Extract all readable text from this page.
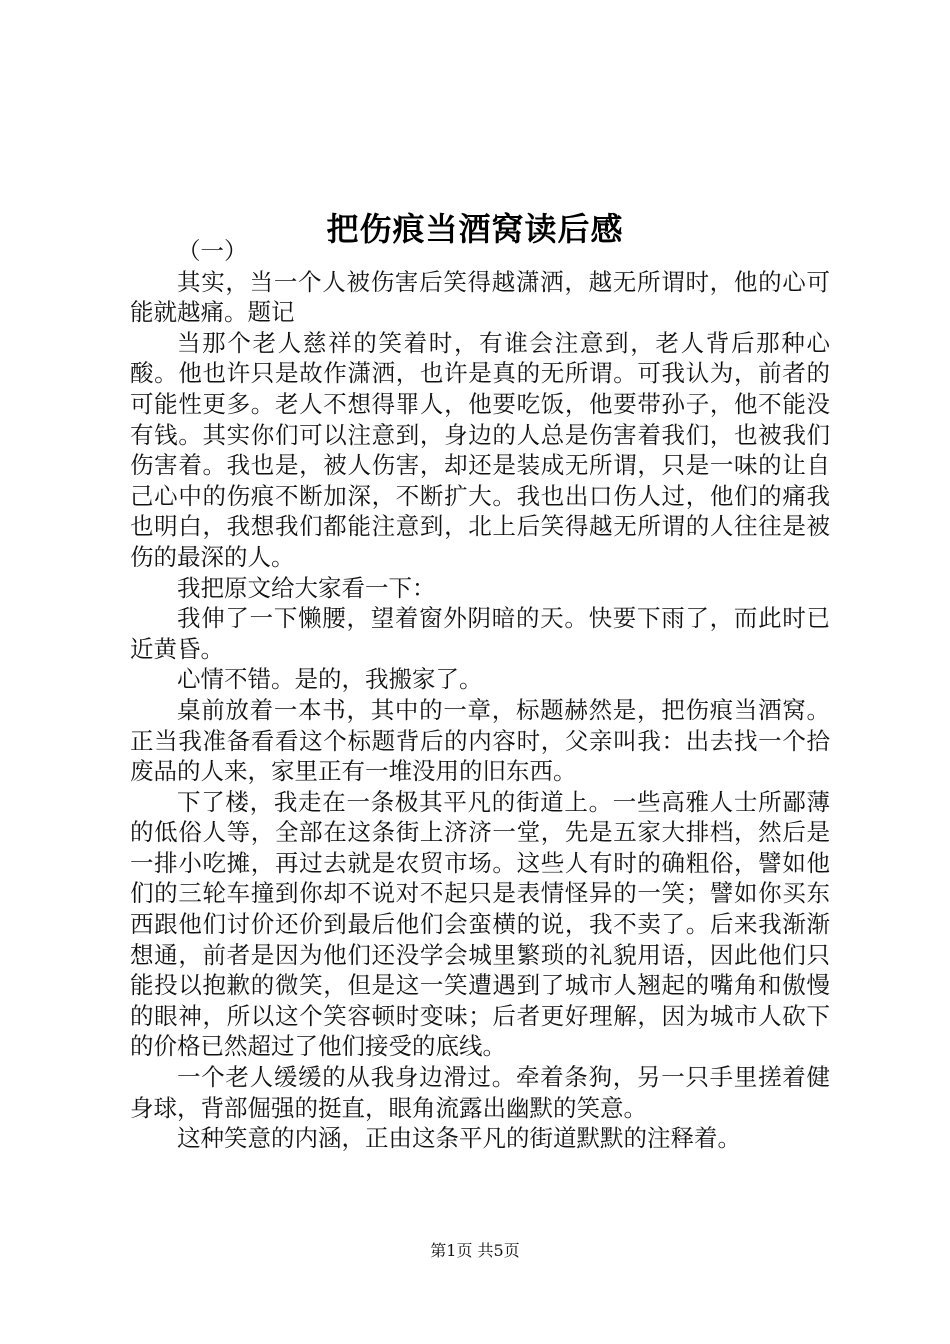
把伤痕当酒窝读后感

（一）

其实，当一个人被伤害后笑得越潇洒，越无所谓时，他的心可能就越痛。题记

当那个老人慈祥的笑着时，有谁会注意到，老人背后那种心酸。他也许只是故作潇洒，也许是真的无所谓。可我认为，前者的可能性更多。老人不想得罪人，他要吃饭，他要带孙子，他不能没有钱。其实你们可以注意到，身边的人总是伤害着我们，也被我们伤害着。我也是，被人伤害，却还是装成无所谓，只是一味的让自己心中的伤痕不断加深，不断扩大。我也出口伤人过，他们的痛我也明白，我想我们都能注意到，北上后笑得越无所谓的人往往是被伤的最深的人。

我把原文给大家看一下：

我伸了一下懒腰，望着窗外阴暗的天。快要下雨了，而此时已近黄昏。

心情不错。是的，我搬家了。

桌前放着一本书，其中的一章，标题赫然是，把伤痕当酒窝。正当我准备看看这个标题背后的内容时，父亲叫我：出去找一个拾废品的人来，家里正有一堆没用的旧东西。

下了楼，我走在一条极其平凡的街道上。一些高雅人士所鄙薄的低俗人等，全部在这条街上济济一堂，先是五家大排档，然后是一排小吃摊，再过去就是农贸市场。这些人有时的确粗俗，譬如他们的三轮车撞到你却不说对不起只是表情怪异的一笑；譬如你买东西跟他们讨价还价到最后他们会蛮横的说，我不卖了。后来我渐渐想通，前者是因为他们还没学会城里繁琐的礼貌用语，因此他们只能投以抱歉的微笑，但是这一笑遭遇到了城市人翘起的嘴角和傲慢的眼神，所以这个笑容顿时变味；后者更好理解，因为城市人砍下的价格已然超过了他们接受的底线。

一个老人缓缓的从我身边滑过。牵着条狗，另一只手里搓着健身球，背部倔强的挺直，眼角流露出幽默的笑意。

这种笑意的内涵，正由这条平凡的街道默默的注释着。

第1页 共5页
